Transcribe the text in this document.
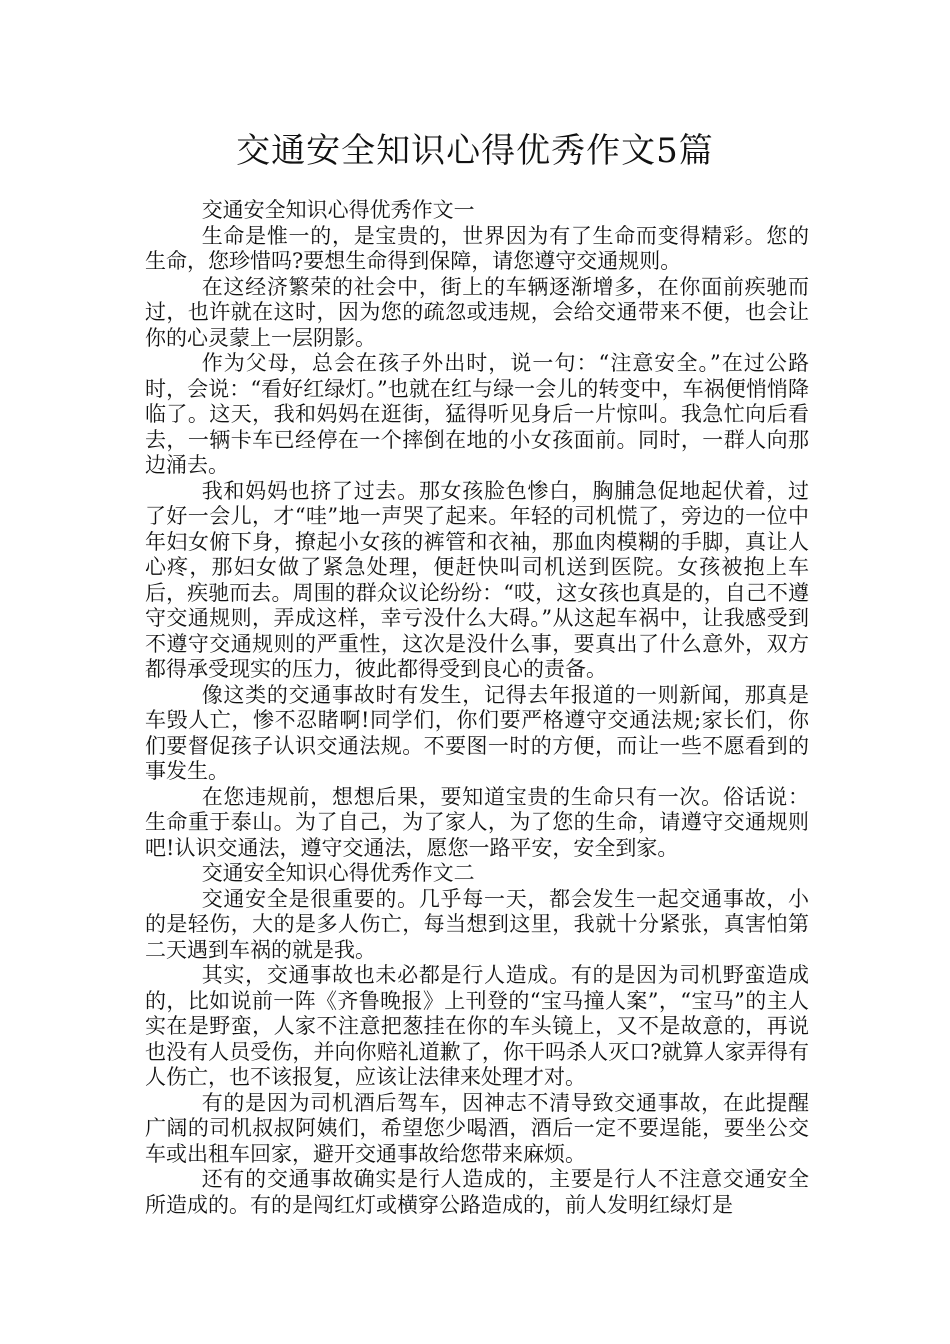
交通安全知识心得优秀作文5篇

交通安全知识心得优秀作文一

生命是惟一的，是宝贵的，世界因为有了生命而变得精彩。您的生命，您珍惜吗?要想生命得到保障，请您遵守交通规则。

在这经济繁荣的社会中，街上的车辆逐渐增多，在你面前疾驰而过，也许就在这时，因为您的疏忽或违规，会给交通带来不便，也会让你的心灵蒙上一层阴影。

作为父母，总会在孩子外出时，说一句：“注意安全。”在过公路时，会说：“看好红绿灯。”也就在红与绿一会儿的转变中，车祸便悄悄降临了。这天，我和妈妈在逛街，猛得听见身后一片惊叫。我急忙向后看去，一辆卡车已经停在一个摔倒在地的小女孩面前。同时，一群人向那边涌去。

我和妈妈也挤了过去。那女孩脸色惨白，胸脯急促地起伏着，过了好一会儿，才“哇”地一声哭了起来。年轻的司机慌了，旁边的一位中年妇女俯下身，撩起小女孩的裤管和衣袖，那血肉模糊的手脚，真让人心疼，那妇女做了紧急处理，便赶快叫司机送到医院。女孩被抱上车后，疾驰而去。周围的群众议论纷纷：“哎，这女孩也真是的，自己不遵守交通规则，弄成这样，幸亏没什么大碍。”从这起车祸中，让我感受到不遵守交通规则的严重性，这次是没什么事，要真出了什么意外，双方都得承受现实的压力，彼此都得受到良心的责备。

像这类的交通事故时有发生，记得去年报道的一则新闻，那真是车毁人亡，惨不忍睹啊!同学们，你们要严格遵守交通法规;家长们，你们要督促孩子认识交通法规。不要图一时的方便，而让一些不愿看到的事发生。

在您违规前，想想后果，要知道宝贵的生命只有一次。俗话说：生命重于泰山。为了自己，为了家人，为了您的生命，请遵守交通规则吧!认识交通法，遵守交通法，愿您一路平安，安全到家。

交通安全知识心得优秀作文二

交通安全是很重要的。几乎每一天，都会发生一起交通事故，小的是轻伤，大的是多人伤亡，每当想到这里，我就十分紧张，真害怕第二天遇到车祸的就是我。

其实，交通事故也未必都是行人造成。有的是因为司机野蛮造成的，比如说前一阵《齐鲁晚报》上刊登的“宝马撞人案”，“宝马”的主人实在是野蛮，人家不注意把葱挂在你的车头镜上，又不是故意的，再说也没有人员受伤，并向你赔礼道歉了，你干吗杀人灭口?就算人家弄得有人伤亡，也不该报复，应该让法律来处理才对。

有的是因为司机酒后驾车，因神志不清导致交通事故，在此提醒广阔的司机叔叔阿姨们，希望您少喝酒，酒后一定不要逞能，要坐公交车或出租车回家，避开交通事故给您带来麻烦。

还有的交通事故确实是行人造成的，主要是行人不注意交通安全所造成的。有的是闯红灯或横穿公路造成的，前人发明红绿灯是
